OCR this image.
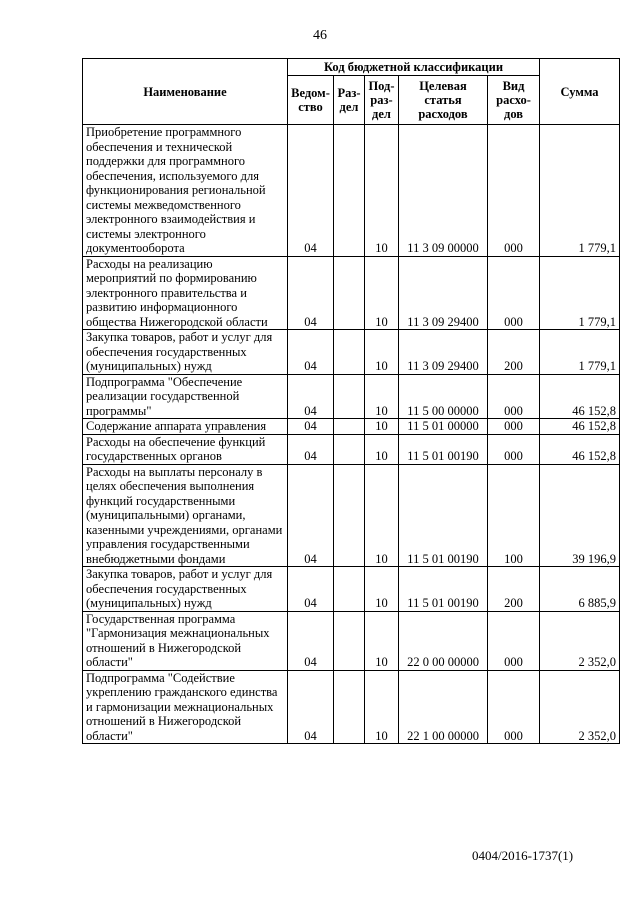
46
Наименование	Код бюджетной классификации					Сумма
	Ведом- ство	Раз- дел	Под- раз- дел	Целевая статья расходов	Вид расхо- дов	

Приобретение программного обеспечения и технической поддержки для программного обеспечения, используемого для функционирования региональной системы межведомственного электронного взаимодействия и системы электронного документооборота	04		10	11 3 09 00000	000	1 779,1

Расходы на реализацию мероприятий по формированию электронного правительства и развитию информационного общества Нижегородской области	04		10	11 3 09 29400	000	1 779,1

Закупка товаров, работ и услуг для обеспечения государственных (муниципальных) нужд	04		10	11 3 09 29400	200	1 779,1

Подпрограмма "Обеспечение реализации государственной программы"	04		10	11 5 00 00000	000	46 152,8

Содержание аппарата управления	04		10	11 5 01 00000	000	46 152,8

Расходы на обеспечение функций государственных органов	04		10	11 5 01 00190	000	46 152,8

Расходы на выплаты персоналу в целях обеспечения выполнения функций государственными (муниципальными) органами, казенными учреждениями, органами управления государственными внебюджетными фондами	04		10	11 5 01 00190	100	39 196,9

Закупка товаров, работ и услуг для обеспечения государственных (муниципальных) нужд	04		10	11 5 01 00190	200	6 885,9

Государственная программа "Гармонизация межнациональных отношений в Нижегородской области"	04		10	22 0 00 00000	000	2 352,0

Подпрограмма "Содействие укреплению гражданского единства и гармонизации межнациональных отношений в Нижегородской области"	04		10	22 1 00 00000	000	2 352,0
0404/2016-1737(1)
